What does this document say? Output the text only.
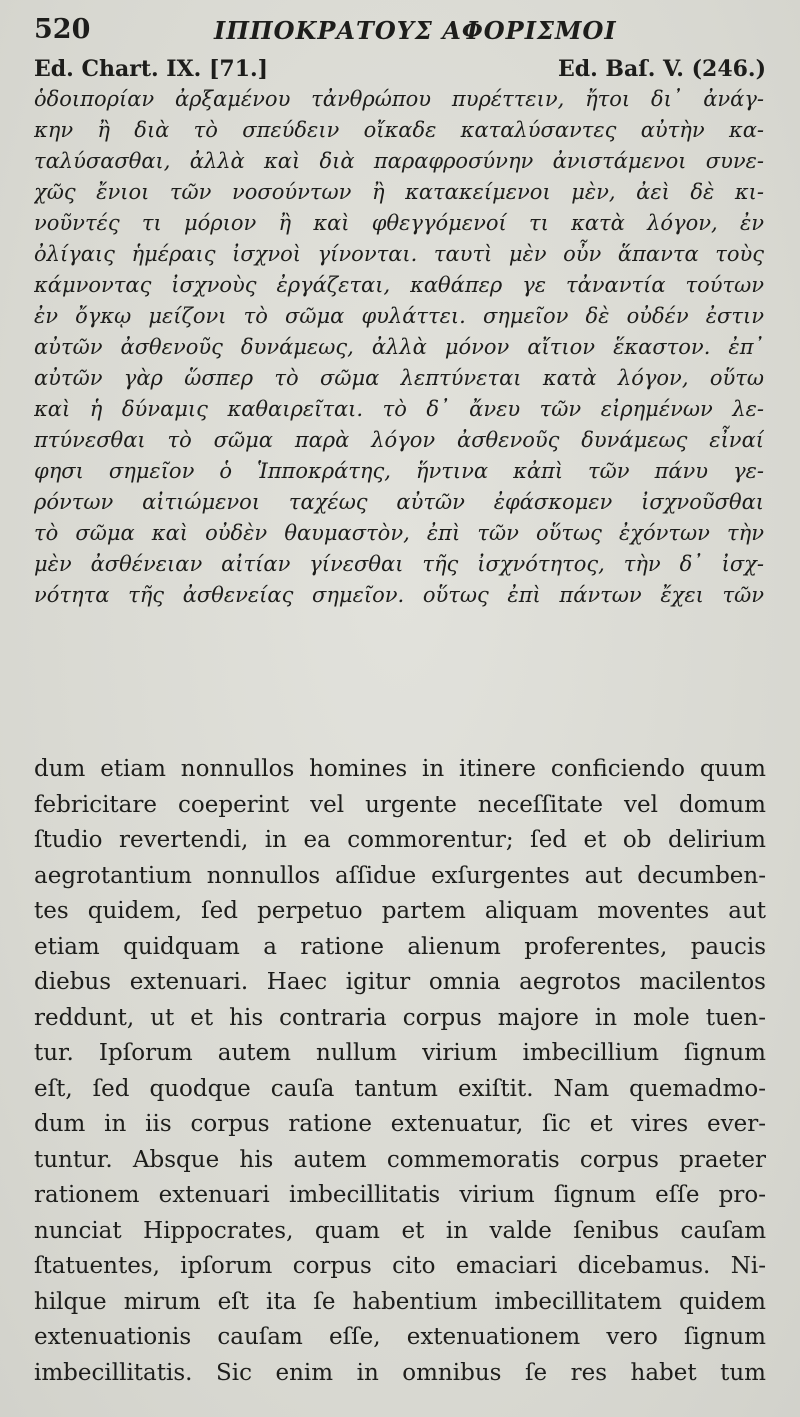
520	ΙΠΠΟΚΡΑΤΟΥΣ ΑΦΟΡΙΣΜΟΙ
Ed. Chart. IX. [71.]	Ed. Baſ. V. (246.)
ὁδοιπορίαν ἀρξαμένου τἀνθρώπου πυρέττειν, ἤτοι δι᾽ ἀνάγ-
κην ἢ διὰ τὸ σπεύδειν οἴκαδε καταλύσαντες αὐτὴν κα-
ταλύσασθαι, ἀλλὰ καὶ διὰ παραφροσύνην ἀνιστάμενοι συνε-
χῶς ἔνιοι τῶν νοσούντων ἢ κατακείμενοι μὲν, ἀεὶ δὲ κι-
νοῦντές τι μόριον ἢ καὶ φθεγγόμενοί τι κατὰ λόγον, ἐν
ὀλίγαις ἡμέραις ἰσχνοὶ γίνονται. ταυτὶ μὲν οὖν ἅπαντα τοὺς
κάμνοντας ἰσχνοὺς ἐργάζεται, καθάπερ γε τἀναντία τούτων
ἐν ὄγκῳ μείζονι τὸ σῶμα φυλάττει. σημεῖον δὲ οὐδέν ἐστιν
αὐτῶν ἀσθενοῦς δυνάμεως, ἀλλὰ μόνον αἴτιον ἕκαστον. ἐπ᾽
αὐτῶν γὰρ ὥσπερ τὸ σῶμα λεπτύνεται κατὰ λόγον, οὕτω
καὶ ἡ δύναμις καθαιρεῖται. τὸ δ᾽ ἄνευ τῶν εἰρημένων λε-
πτύνεσθαι τὸ σῶμα παρὰ λόγον ἀσθενοῦς δυνάμεως εἶναί
φησι σημεῖον ὁ Ἱπποκράτης, ἥντινα κἀπὶ τῶν πάνυ γε-
ρόντων αἰτιώμενοι ταχέως αὐτῶν ἐφάσκομεν ἰσχνοῦσθαι
τὸ σῶμα καὶ οὐδὲν θαυμαστὸν, ἐπὶ τῶν οὕτως ἐχόντων τὴν
μὲν ἀσθένειαν αἰτίαν γίνεσθαι τῆς ἰσχνότητος, τὴν δ᾽ ἰσχ-
νότητα τῆς ἀσθενείας σημεῖον. οὕτως ἐπὶ πάντων ἔχει τῶν
dum etiam nonnullos homines in itinere conficiendo quum
febricitare coeperint vel urgente neceſſitate vel domum
ſtudio revertendi, in ea commorentur; ſed et ob delirium
aegrotantium nonnullos aſſidue exſurgentes aut decumben-
tes quidem, ſed perpetuo partem aliquam moventes aut
etiam quidquam a ratione alienum proferentes, paucis
diebus extenuari. Haec igitur omnia aegrotos macilentos
reddunt, ut et his contraria corpus majore in mole tuen-
tur. Ipſorum autem nullum virium imbecillium ſignum
eſt, ſed quodque cauſa tantum exiſtit. Nam quemadmo-
dum in iis corpus ratione extenuatur, ſic et vires ever-
tuntur. Absque his autem commemoratis corpus praeter
rationem extenuari imbecillitatis virium ſignum eſſe pro-
nunciat Hippocrates, quam et in valde ſenibus cauſam
ſtatuentes, ipſorum corpus cito emaciari dicebamus. Ni-
hilque mirum eſt ita ſe habentium imbecillitatem quidem
extenuationis cauſam eſſe, extenuationem vero ſignum
imbecillitatis. Sic enim in omnibus ſe res habet tum
